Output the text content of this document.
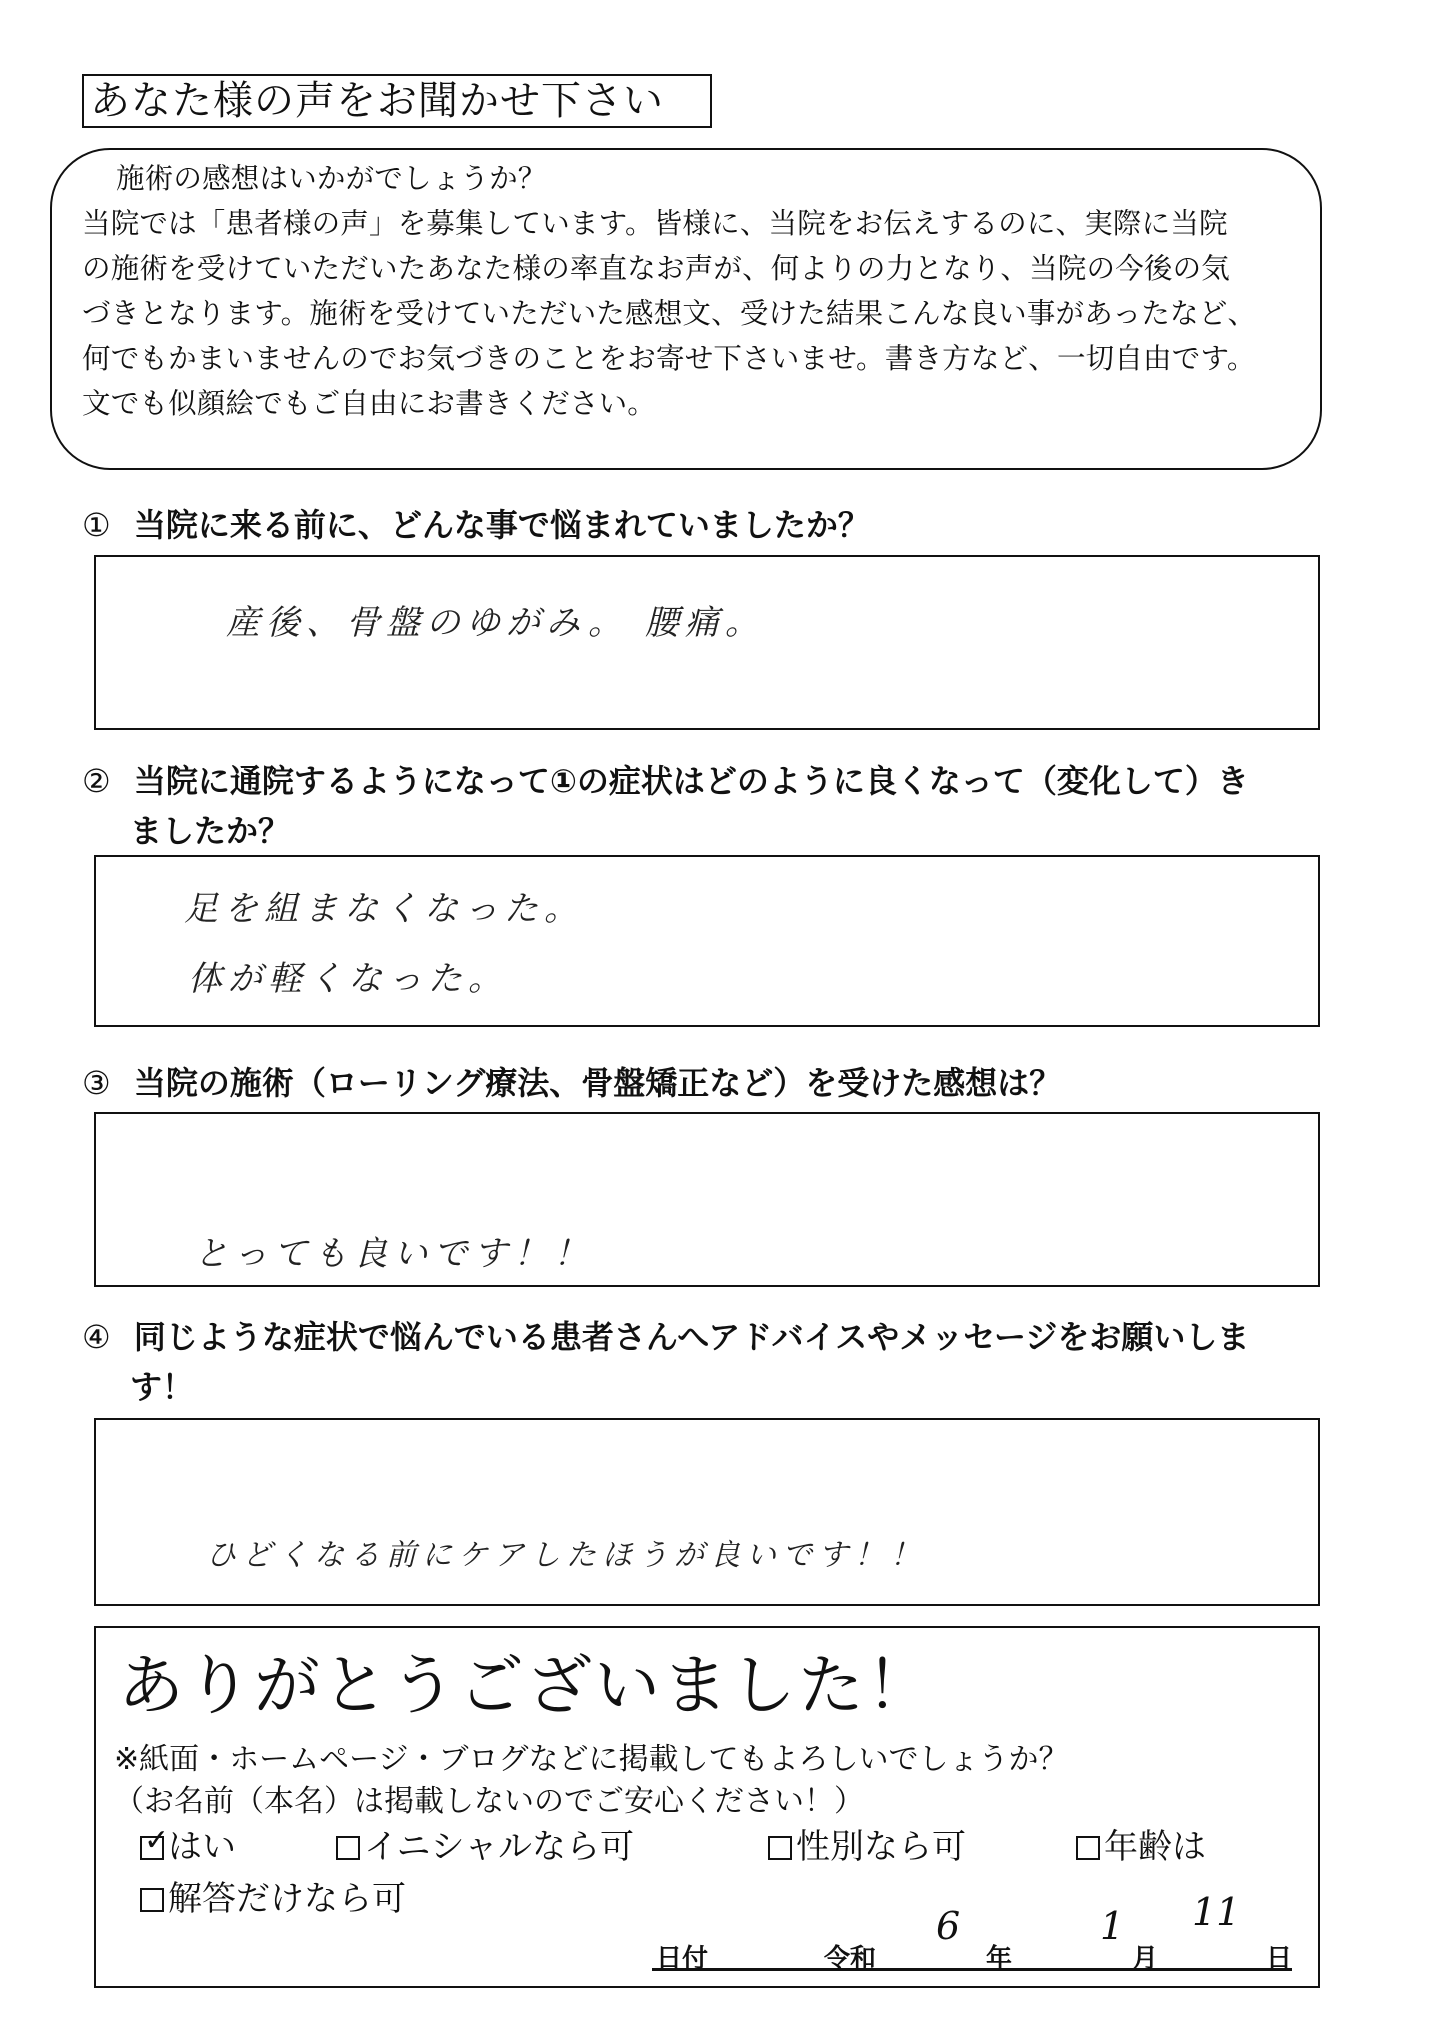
あなた様の声をお聞かせ下さい
施術の感想はいかがでしょうか？
当院では「患者様の声」を募集しています。皆様に、当院をお伝えするのに、実際に当院
の施術を受けていただいたあなた様の率直なお声が、何よりの力となり、当院の今後の気
づきとなります。施術を受けていただいた感想文、受けた結果こんな良い事があったなど、
何でもかまいませんのでお気づきのことをお寄せ下さいませ。書き方など、一切自由です。
文でも似顔絵でもご自由にお書きください。
① 当院に来る前に、どんな事で悩まれていましたか？
産後、骨盤のゆがみ。 腰痛。
② 当院に通院するようになって①の症状はどのように良くなって（変化して）き
ましたか？
足を組まなくなった。
体が軽くなった。
③ 当院の施術（ローリング療法、骨盤矯正など）を受けた感想は？
とっても良いです！！
④ 同じような症状で悩んでいる患者さんへアドバイスやメッセージをお願いしま
す！
ひどくなる前にケアしたほうが良いです！！
ありがとうございました！
※紙面・ホームページ・ブログなどに掲載してもよろしいでしょうか？
（お名前（本名）は掲載しないのでご安心ください！）
✓
はい	イニシャルなら可	性別なら可	年齢は
解答だけなら可
日付	令和
6
年
1
月
11
日
